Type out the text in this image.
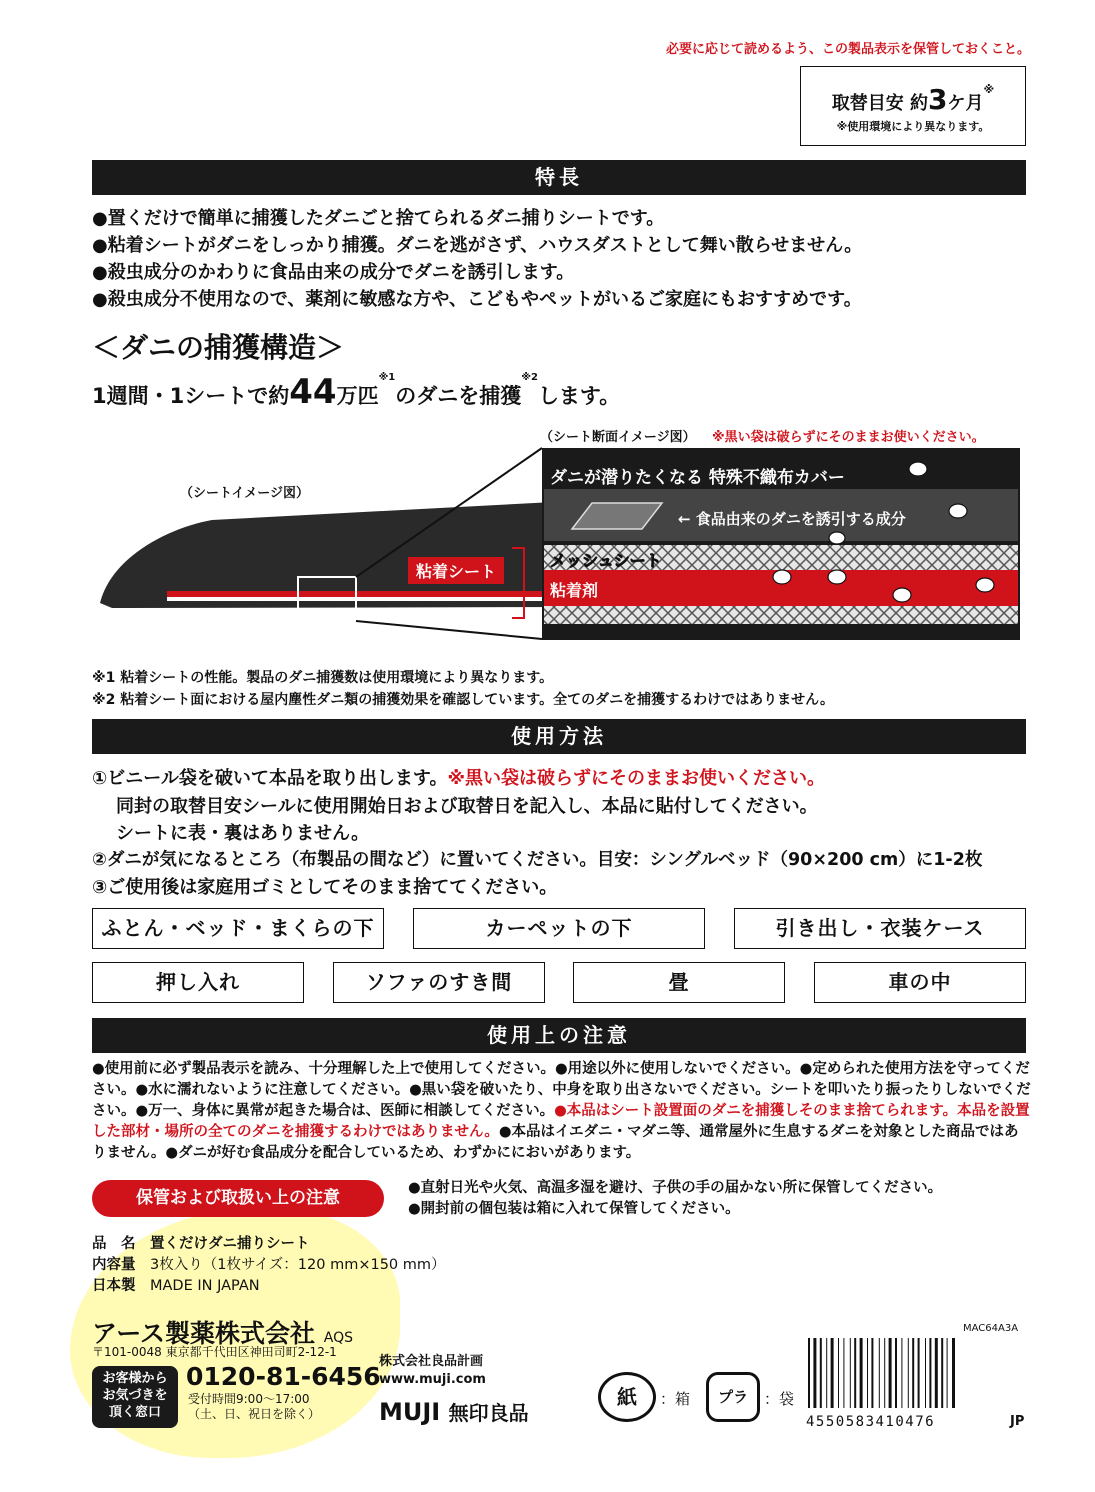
必要に応じて読めるよう、この製品表示を保管しておくこと。
取替目安 約3ケ月※
※使用環境により異なります。
特長
●置くだけで簡単に捕獲したダニごと捨てられるダニ捕りシートです。
●粘着シートがダニをしっかり捕獲。ダニを逃がさず、ハウスダストとして舞い散らせません。
●殺虫成分のかわりに食品由来の成分でダニを誘引します。
●殺虫成分不使用なので、薬剤に敏感な方や、こどもやペットがいるご家庭にもおすすめです。
＜ダニの捕獲構造＞
1週間・1シートで約44万匹$^{※1}$のダニを捕獲$^{※2}$します。
（シート断面イメージ図） ※黒い袋は破らずにそのままお使いください。
（シートイメージ図）
粘着シート
ダニが潜りたくなる 特殊不織布カバー
← 食品由来のダニを誘引する成分
メッシュシート
粘着剤
※1 粘着シートの性能。製品のダニ捕獲数は使用環境により異なります。
※2 粘着シート面における屋内塵性ダニ類の捕獲効果を確認しています。全てのダニを捕獲するわけではありません。
使用方法
①ビニール袋を破いて本品を取り出します。※黒い袋は破らずにそのままお使いください。
同封の取替目安シールに使用開始日および取替日を記入し、本品に貼付してください。
シートに表・裏はありません。
②ダニが気になるところ（布製品の間など）に置いてください。目安：シングルベッド（90×200 cm）に1-2枚
③ご使用後は家庭用ゴミとしてそのまま捨ててください。
ふとん・ベッド・まくらの下	カーペットの下	引き出し・衣装ケース
押し入れ	ソファのすき間	畳	車の中
使用上の注意
●使用前に必ず製品表示を読み、十分理解した上で使用してください。●用途以外に使用しないでください。●定められた使用方法を守ってください。●水に濡れないように注意してください。●黒い袋を破いたり、中身を取り出さないでください。シートを叩いたり振ったりしないでください。●万一、身体に異常が起きた場合は、医師に相談してください。●本品はシート設置面のダニを捕獲しそのまま捨てられます。本品を設置した部材・場所の全てのダニを捕獲するわけではありません。●本品はイエダニ・マダニ等、通常屋外に生息するダニを対象とした商品ではありません。●ダニが好む食品成分を配合しているため、わずかににおいがあります。
保管および取扱い上の注意	●直射日光や火気、高温多湿を避け、子供の手の届かない所に保管してください。
●開封前の個包装は箱に入れて保管してください。
品　名　 置くだけダニ捕りシート
内容量　 3枚入り（1枚サイズ：120 mm×150 mm）
日本製　 MADE IN JAPAN
アース製薬株式会社 AQS
〒101-0048 東京都千代田区神田司町2-12-1
お客様から
お気づきを
頂く窓口
0120-81-6456
受付時間9:00〜17:00
（土、日、祝日を除く）
株式会社良品計画
www.muji.com
MUJI 無印良品
紙	：箱	プラ	：袋
MAC64A3A
4550583410476	JP
